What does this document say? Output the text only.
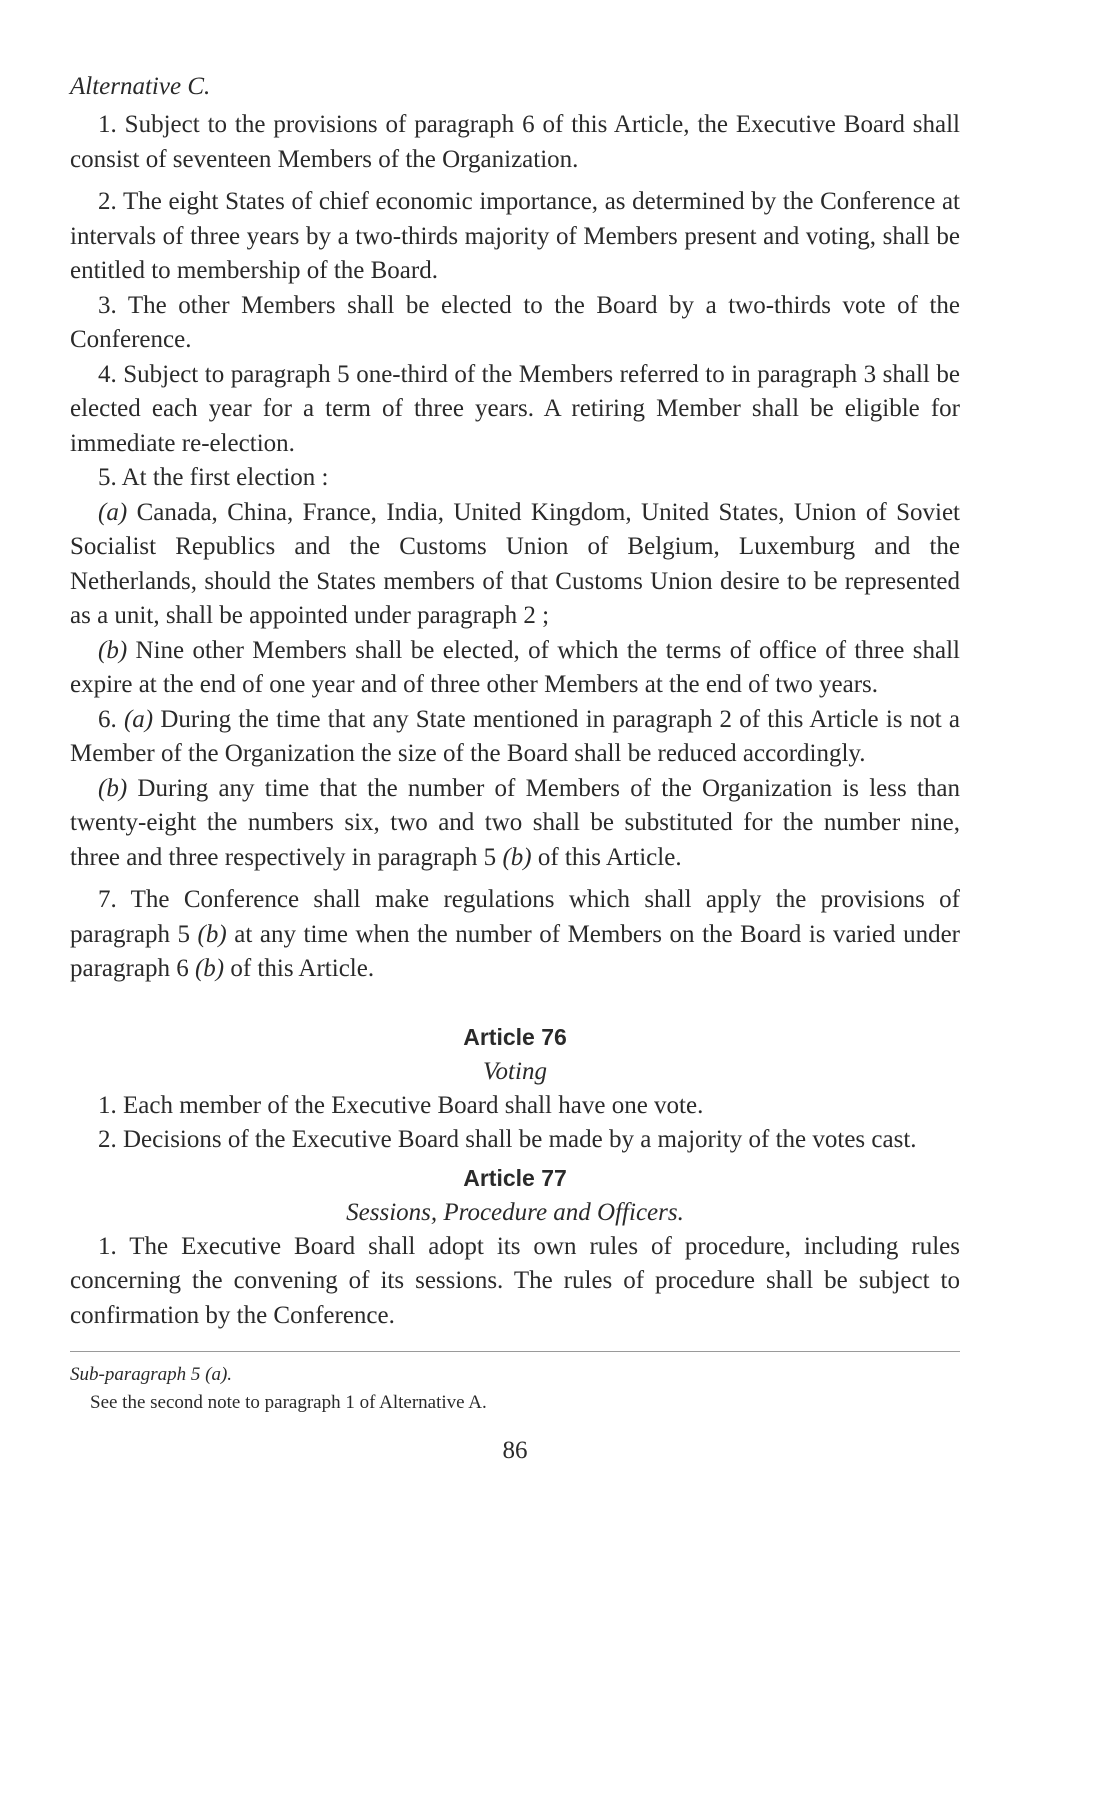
Alternative C.

1. Subject to the provisions of paragraph 6 of this Article, the Executive Board shall consist of seventeen Members of the Organization.

2. The eight States of chief economic importance, as determined by the Conference at intervals of three years by a two-thirds majority of Members present and voting, shall be entitled to membership of the Board.

3. The other Members shall be elected to the Board by a two-thirds vote of the Conference.

4. Subject to paragraph 5 one-third of the Members referred to in paragraph 3 shall be elected each year for a term of three years. A retiring Member shall be eligible for immediate re-election.

5. At the first election :

(a) Canada, China, France, India, United Kingdom, United States, Union of Soviet Socialist Republics and the Customs Union of Belgium, Luxemburg and the Netherlands, should the States members of that Customs Union desire to be represented as a unit, shall be appointed under paragraph 2 ;

(b) Nine other Members shall be elected, of which the terms of office of three shall expire at the end of one year and of three other Members at the end of two years.

6. (a) During the time that any State mentioned in paragraph 2 of this Article is not a Member of the Organization the size of the Board shall be reduced accordingly.

(b) During any time that the number of Members of the Organization is less than twenty-eight the numbers six, two and two shall be substituted for the number nine, three and three respectively in paragraph 5 (b) of this Article.

7. The Conference shall make regulations which shall apply the provisions of paragraph 5 (b) at any time when the number of Members on the Board is varied under paragraph 6 (b) of this Article.

Article 76

Voting

1. Each member of the Executive Board shall have one vote.

2. Decisions of the Executive Board shall be made by a majority of the votes cast.

Article 77

Sessions, Procedure and Officers.

1. The Executive Board shall adopt its own rules of procedure, including rules concerning the convening of its sessions. The rules of procedure shall be subject to confirmation by the Conference.

Sub-paragraph 5 (a).

See the second note to paragraph 1 of Alternative A.

86
